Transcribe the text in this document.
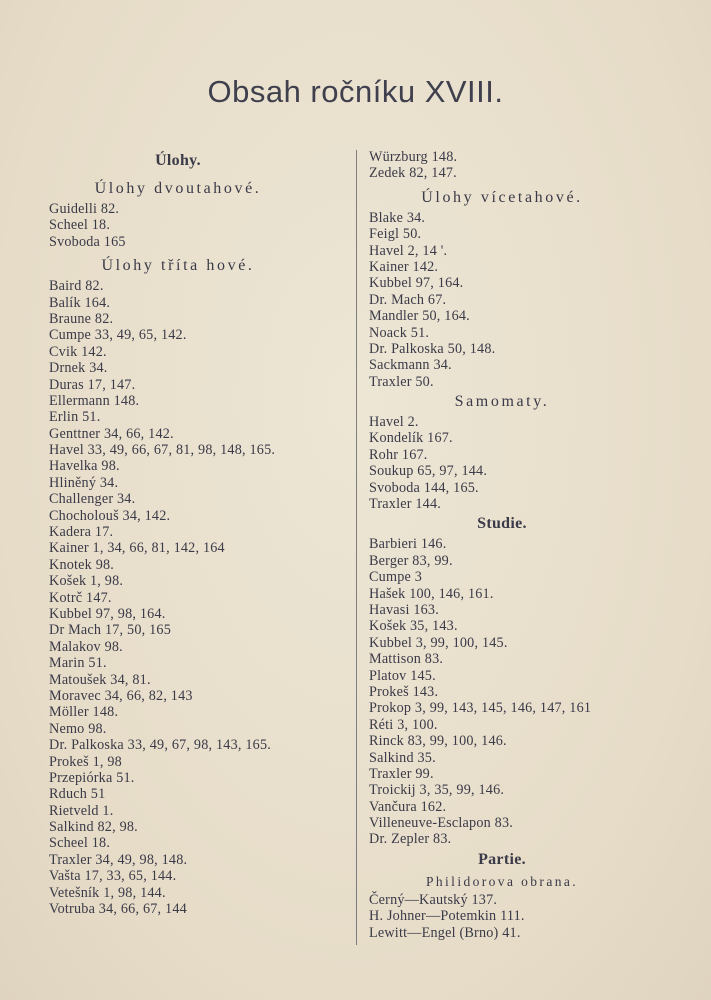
Obsah ročníku XVIII.
Úlohy.
Úlohy dvoutahové.
Guidelli 82.
Scheel 18.
Svoboda 165
Úlohy tříta hové.
Baird 82.
Balík 164.
Braune 82.
Cumpe 33, 49, 65, 142.
Cvik 142.
Drnek 34.
Duras 17, 147.
Ellermann 148.
Erlin 51.
Genttner 34, 66, 142.
Havel 33, 49, 66, 67, 81, 98, 148, 165.
Havelka 98.
Hliněný 34.
Challenger 34.
Chocholouš 34, 142.
Kadera 17.
Kainer 1, 34, 66, 81, 142, 164
Knotek 98.
Košek 1, 98.
Kotrč 147.
Kubbel 97, 98, 164.
Dr Mach 17, 50, 165
Malakov 98.
Marin 51.
Matoušek 34, 81.
Moravec 34, 66, 82, 143
Möller 148.
Nemo 98.
Dr. Palkoska 33, 49, 67, 98, 143, 165.
Prokeš 1, 98
Przepiórka 51.
Rduch 51
Rietveld 1.
Salkind 82, 98.
Scheel 18.
Traxler 34, 49, 98, 148.
Vašta 17, 33, 65, 144.
Vetešník 1, 98, 144.
Votruba 34, 66, 67, 144
Würzburg 148.
Zedek 82, 147.
Úlohy vícetahové.
Blake 34.
Feigl 50.
Havel 2, 14 '.
Kainer 142.
Kubbel 97, 164.
Dr. Mach 67.
Mandler 50, 164.
Noack 51.
Dr. Palkoska 50, 148.
Sackmann 34.
Traxler 50.
Samomaty.
Havel 2.
Kondelík 167.
Rohr 167.
Soukup 65, 97, 144.
Svoboda 144, 165.
Traxler 144.
Studie.
Barbieri 146.
Berger 83, 99.
Cumpe 3
Hašek 100, 146, 161.
Havasi 163.
Košek 35, 143.
Kubbel 3, 99, 100, 145.
Mattison 83.
Platov 145.
Prokeš 143.
Prokop 3, 99, 143, 145, 146, 147, 161
Réti 3, 100.
Rinck 83, 99, 100, 146.
Salkind 35.
Traxler 99.
Troickij 3, 35, 99, 146.
Vančura 162.
Villeneuve-Esclapon 83.
Dr. Zepler 83.
Partie.
Philidorova obrana.
Černý—Kautský 137.
H. Johner—Potemkin 111.
Lewitt—Engel (Brno) 41.
